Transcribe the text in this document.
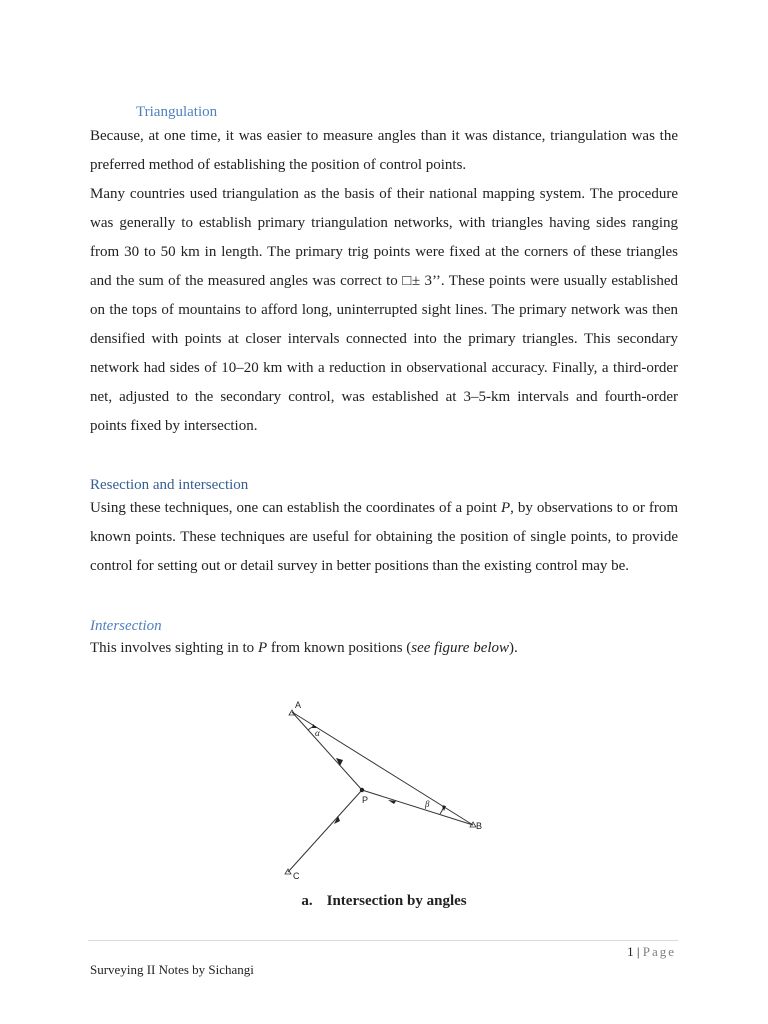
Triangulation

Because, at one time, it was easier to measure angles than it was distance, triangulation was the preferred method of establishing the position of control points.

Many countries used triangulation as the basis of their national mapping system. The procedure was generally to establish primary triangulation networks, with triangles having sides ranging from 30 to 50 km in length. The primary trig points were fixed at the corners of these triangles and the sum of the measured angles was correct to □± 3’’. These points were usually established on the tops of mountains to afford long, uninterrupted sight lines. The primary network was then densified with points at closer intervals connected into the primary triangles. This secondary network had sides of 10–20 km with a reduction in observational accuracy. Finally, a third-order net, adjusted to the secondary control, was established at 3–5-km intervals and fourth-order points fixed by intersection.

Resection and intersection

Using these techniques, one can establish the coordinates of a point P, by observations to or from known points. These techniques are useful for obtaining the position of single points, to provide control for setting out or detail survey in better positions than the existing control may be.

Intersection

This involves sighting in to P from known positions (see figure below).

A
B
C
P
α
β
a. Intersection by angles
1 | Page
Surveying II Notes by Sichangi
